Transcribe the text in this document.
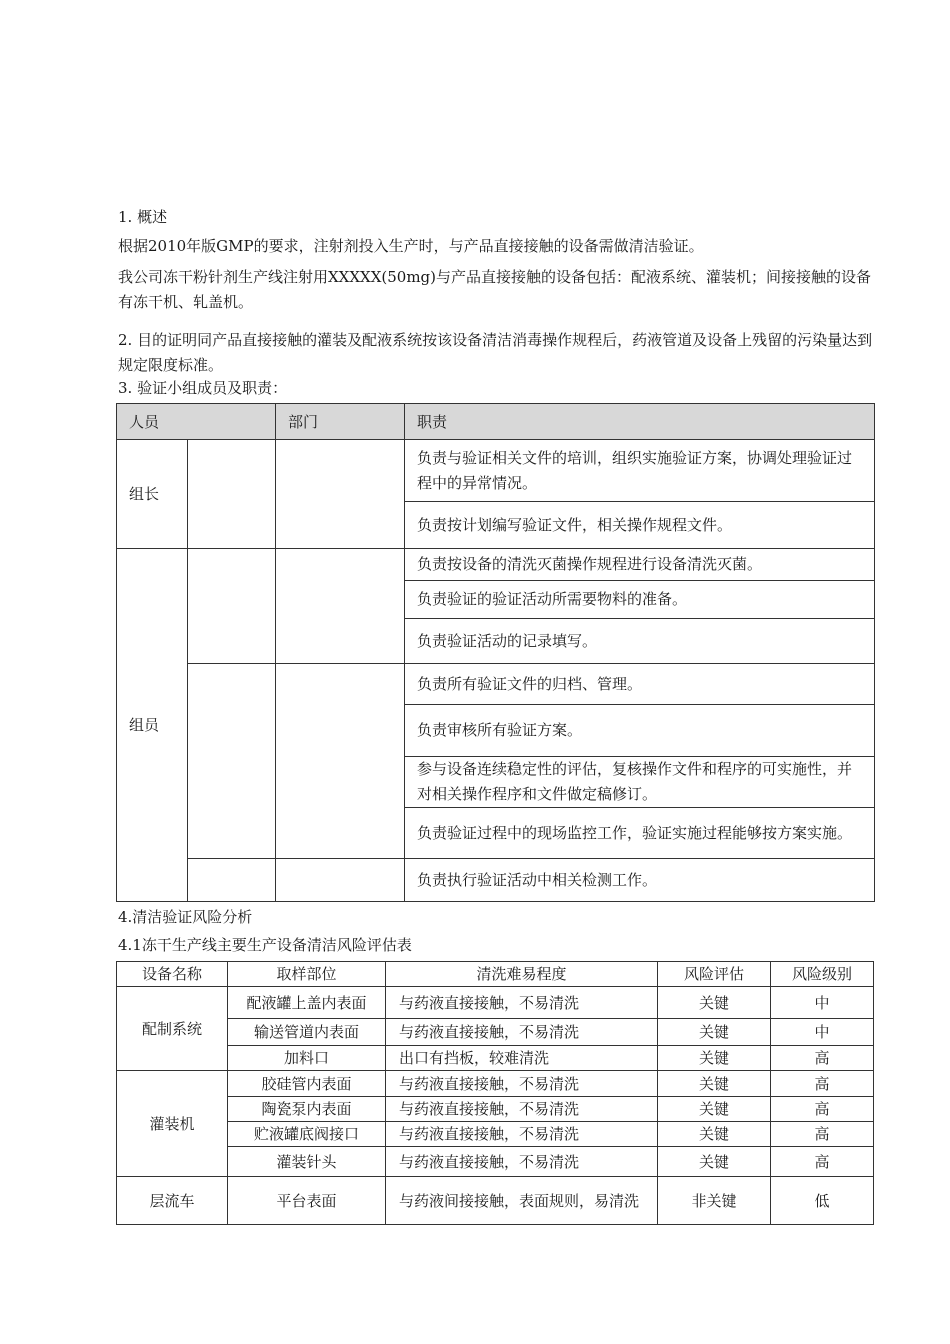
1. 概述
根据2010年版GMP的要求，注射剂投入生产时，与产品直接接触的设备需做清洁验证。
我公司冻干粉针剂生产线注射用XXXXX(50mg)与产品直接接触的设备包括：配液系统、灌装机；间接接触的设备有冻干机、轧盖机。
2. 目的证明同产品直接接触的灌装及配液系统按该设备清洁消毒操作规程后，药液管道及设备上残留的污染量达到规定限度标准。
3. 验证小组成员及职责：
人员		部门	职责
组长			负责与验证相关文件的培训，组织实施验证方案，协调处理验证过程中的异常情况。
			负责按计划编写验证文件，相关操作规程文件。
组员			负责按设备的清洗灭菌操作规程进行设备清洗灭菌。
			负责验证的验证活动所需要物料的准备。
			负责验证活动的记录填写。
			负责所有验证文件的归档、管理。
			负责审核所有验证方案。
			参与设备连续稳定性的评估，复核操作文件和程序的可实施性，并对相关操作程序和文件做定稿修订。
			负责验证过程中的现场监控工作，验证实施过程能够按方案实施。
			负责执行验证活动中相关检测工作。
4.清洁验证风险分析
4.1冻干生产线主要生产设备清洁风险评估表
设备名称	取样部位	清洗难易程度	风险评估	风险级别
配制系统	配液罐上盖内表面	与药液直接接触，不易清洗	关键	中
	输送管道内表面	与药液直接接触，不易清洗	关键	中
	加料口	出口有挡板，较难清洗	关键	高
灌装机	胶硅管内表面	与药液直接接触，不易清洗	关键	高
	陶瓷泵内表面	与药液直接接触，不易清洗	关键	高
	贮液罐底阀接口	与药液直接接触，不易清洗	关键	高
	灌装针头	与药液直接接触，不易清洗	关键	高
层流车	平台表面	与药液间接接触，表面规则，易清洗	非关键	低
